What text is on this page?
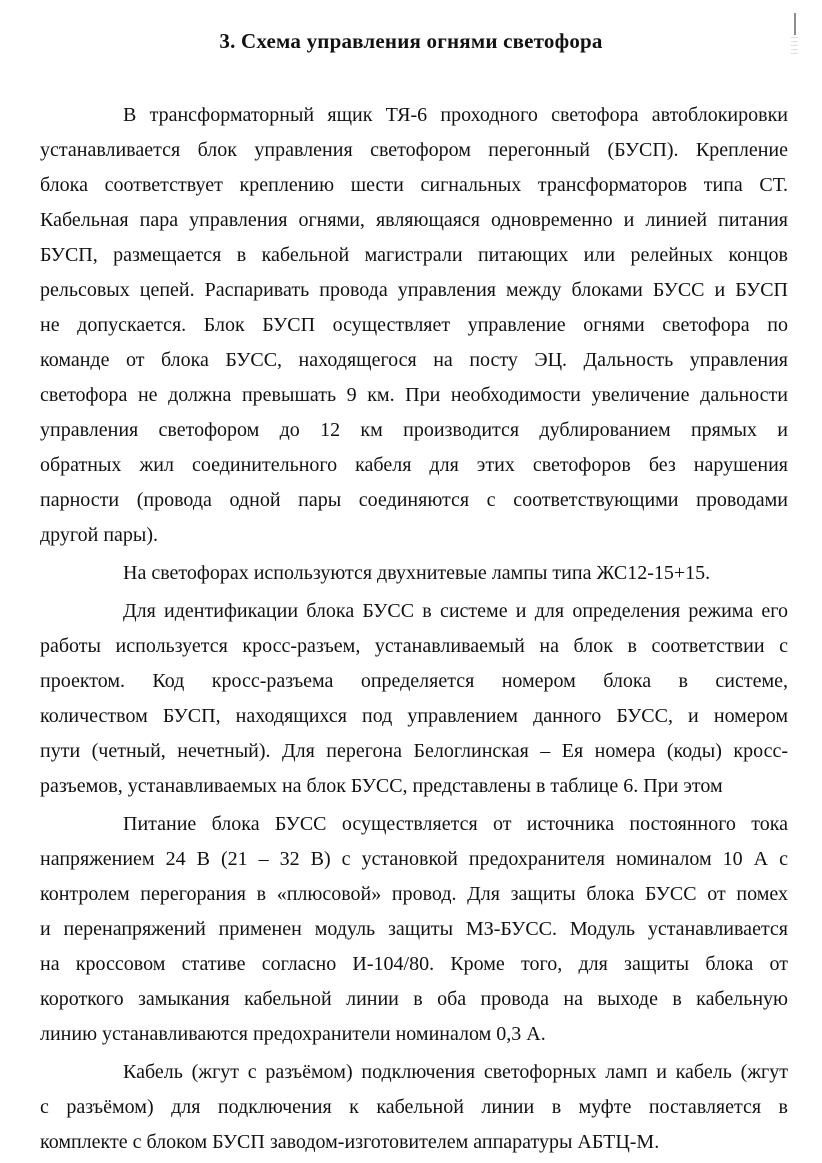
3. Схема управления огнями светофора
В трансформаторный ящик ТЯ-6 проходного светофора автоблокировки
устанавливается блок управления светофором перегонный (БУСП). Крепление
блока соответствует креплению шести сигнальных трансформаторов типа СТ.
Кабельная пара управления огнями, являющаяся одновременно и линией питания
БУСП, размещается в кабельной магистрали питающих или релейных концов
рельсовых цепей. Распаривать провода управления между блоками БУСС и БУСП
не допускается. Блок БУСП осуществляет управление огнями светофора по
команде от блока БУСС, находящегося на посту ЭЦ. Дальность управления
светофора не должна превышать 9 км. При необходимости увеличение дальности
управления светофором до 12 км производится дублированием прямых и
обратных жил соединительного кабеля для этих светофоров без нарушения
парности (провода одной пары соединяются с соответствующими проводами
другой пары).
На светофорах используются двухнитевые лампы типа ЖС12-15+15.
Для идентификации блока БУСС в системе и для определения режима его
работы используется кросс-разъем, устанавливаемый на блок в соответствии с
проектом. Код кросс-разъема определяется номером блока в системе,
количеством БУСП, находящихся под управлением данного БУСС, и номером
пути (четный, нечетный). Для перегона Белоглинская – Ея номера (коды) кросс-
разъемов, устанавливаемых на блок БУСС, представлены в таблице 6. При этом
Питание блока БУСС осуществляется от источника постоянного тока
напряжением 24 В (21 – 32 В) с установкой предохранителя номиналом 10 А с
контролем перегорания в «плюсовой» провод. Для защиты блока БУСС от помех
и перенапряжений применен модуль защиты МЗ-БУСС. Модуль устанавливается
на кроссовом стативе согласно И-104/80. Кроме того, для защиты блока от
короткого замыкания кабельной линии в оба провода на выходе в кабельную
линию устанавливаются предохранители номиналом 0,3 А.
Кабель (жгут с разъёмом) подключения светофорных ламп и кабель (жгут
с разъёмом) для подключения к кабельной линии в муфте поставляется в
комплекте с блоком БУСП заводом-изготовителем аппаратуры АБТЦ-М.
